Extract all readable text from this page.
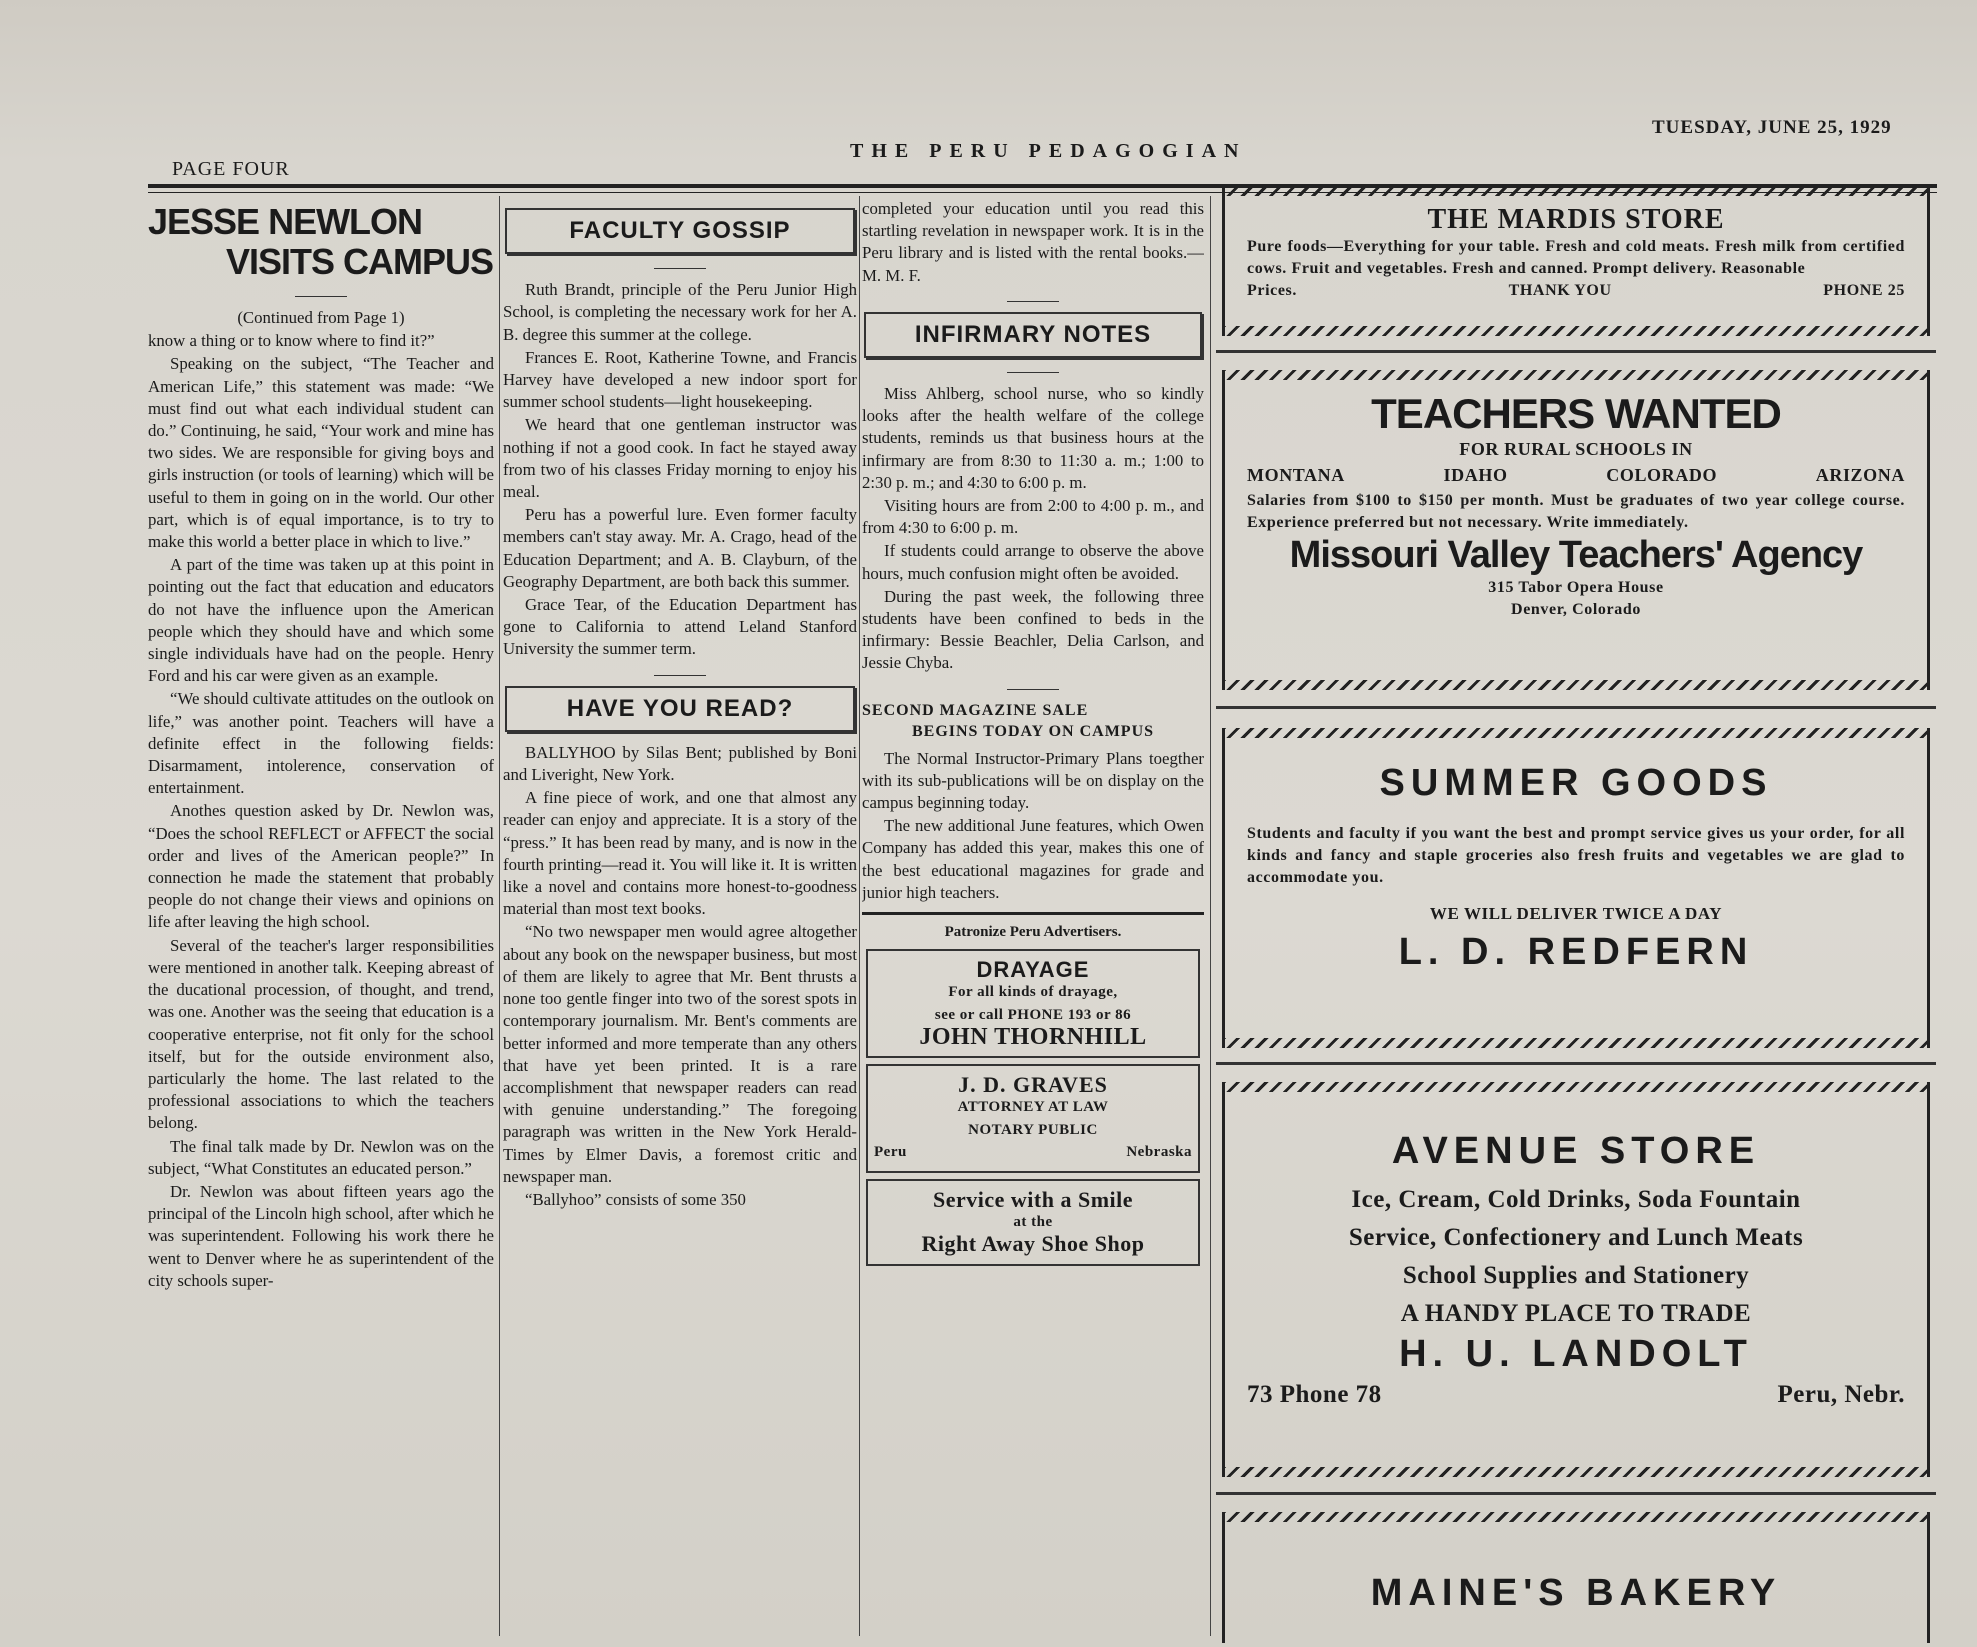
PAGE FOUR
THE PERU PEDAGOGIAN
TUESDAY, JUNE 25, 1929
JESSE NEWLON
VISITS CAMPUS

(Continued from Page 1)

know a thing or to know where to find it?”

Speaking on the subject, “The Teacher and American Life,” this statement was made: “We must find out what each individual student can do.” Continuing, he said, “Your work and mine has two sides. We are responsible for giving boys and girls instruction (or tools of learning) which will be useful to them in going on in the world. Our other part, which is of equal importance, is to try to make this world a better place in which to live.”

A part of the time was taken up at this point in pointing out the fact that education and educators do not have the influence upon the American people which they should have and which some single individuals have had on the people. Henry Ford and his car were given as an example.

“We should cultivate attitudes on the outlook on life,” was another point. Teachers will have a definite effect in the following fields: Disarmament, intolerence, conservation of entertainment.

Anothes question asked by Dr. Newlon was, “Does the school REFLECT or AFFECT the social order and lives of the American people?” In connection he made the statement that probably people do not change their views and opinions on life after leaving the high school.

Several of the teacher's larger responsibilities were mentioned in another talk. Keeping abreast of the ducational procession, of thought, and trend, was one. Another was the seeing that education is a cooperative enterprise, not fit only for the school itself, but for the outside environment also, particularly the home. The last related to the professional associations to which the teachers belong.

The final talk made by Dr. Newlon was on the subject, “What Constitutes an educated person.”

Dr. Newlon was about fifteen years ago the principal of the Lincoln high school, after which he was superintendent. Following his work there he went to Denver where he as superintendent of the city schools super-

FACULTY GOSSIP

Ruth Brandt, principle of the Peru Junior High School, is completing the necessary work for her A. B. degree this summer at the college.

Frances E. Root, Katherine Towne, and Francis Harvey have developed a new indoor sport for summer school students—light housekeeping.

We heard that one gentleman instructor was nothing if not a good cook. In fact he stayed away from two of his classes Friday morning to enjoy his meal.

Peru has a powerful lure. Even former faculty members can't stay away. Mr. A. Crago, head of the Education Department; and A. B. Clayburn, of the Geography Department, are both back this summer.

Grace Tear, of the Education Department has gone to California to attend Leland Stanford University the summer term.

HAVE YOU READ?

BALLYHOO by Silas Bent; published by Boni and Liveright, New York.

A fine piece of work, and one that almost any reader can enjoy and appreciate. It is a story of the “press.” It has been read by many, and is now in the fourth printing—read it. You will like it. It is written like a novel and contains more honest-to-goodness material than most text books.

“No two newspaper men would agree altogether about any book on the newspaper business, but most of them are likely to agree that Mr. Bent thrusts a none too gentle finger into two of the sorest spots in contemporary journalism. Mr. Bent's comments are better informed and more temperate than any others that have yet been printed. It is a rare accomplishment that newspaper readers can read with genuine understanding.” The foregoing paragraph was written in the New York Herald-Times by Elmer Davis, a foremost critic and newspaper man.

“Ballyhoo” consists of some 350

completed your education until you read this startling revelation in newspaper work. It is in the Peru library and is listed with the rental books.—M. M. F.

INFIRMARY NOTES

Miss Ahlberg, school nurse, who so kindly looks after the health welfare of the college students, reminds us that business hours at the infirmary are from 8:30 to 11:30 a. m.; 1:00 to 2:30 p. m.; and 4:30 to 6:00 p. m.

Visiting hours are from 2:00 to 4:00 p. m., and from 4:30 to 6:00 p. m.

If students could arrange to observe the above hours, much confusion might often be avoided.

During the past week, the following three students have been confined to beds in the infirmary: Bessie Beachler, Delia Carlson, and Jessie Chyba.

SECOND MAGAZINE SALE
BEGINS TODAY ON CAMPUS

The Normal Instructor-Primary Plans toegther with its sub-publications will be on display on the campus beginning today.

The new additional June features, which Owen Company has added this year, makes this one of the best educational magazines for grade and junior high teachers.

Patronize Peru Advertisers.
DRAYAGE
For all kinds of drayage,
see or call PHONE 193 or 86
JOHN THORNHILL
J. D. GRAVES
ATTORNEY AT LAW
NOTARY PUBLIC
Peru	Nebraska
Service with a Smile
at the
Right Away Shoe Shop
THE MARDIS STORE
Pure foods—Everything for your table. Fresh and cold meats. Fresh milk from certified cows. Fruit and vegetables. Fresh and canned. Prompt delivery. Reasonable
Prices.	THANK YOU	PHONE 25
TEACHERS WANTED
FOR RURAL SCHOOLS IN
MONTANA	IDAHO	COLORADO	ARIZONA
Salaries from $100 to $150 per month. Must be graduates of two year college course. Experience preferred but not necessary. Write immediately.
Missouri Valley Teachers' Agency
315 Tabor Opera House
Denver, Colorado
SUMMER GOODS
Students and faculty if you want the best and prompt service gives us your order, for all kinds and fancy and staple groceries also fresh fruits and vegetables we are glad to accommodate you.
WE WILL DELIVER TWICE A DAY
L. D. REDFERN
AVENUE STORE
Ice, Cream, Cold Drinks, Soda Fountain
Service, Confectionery and Lunch Meats
School Supplies and Stationery
A HANDY PLACE TO TRADE
H. U. LANDOLT
73 Phone 78	Peru, Nebr.
MAINE'S BAKERY
